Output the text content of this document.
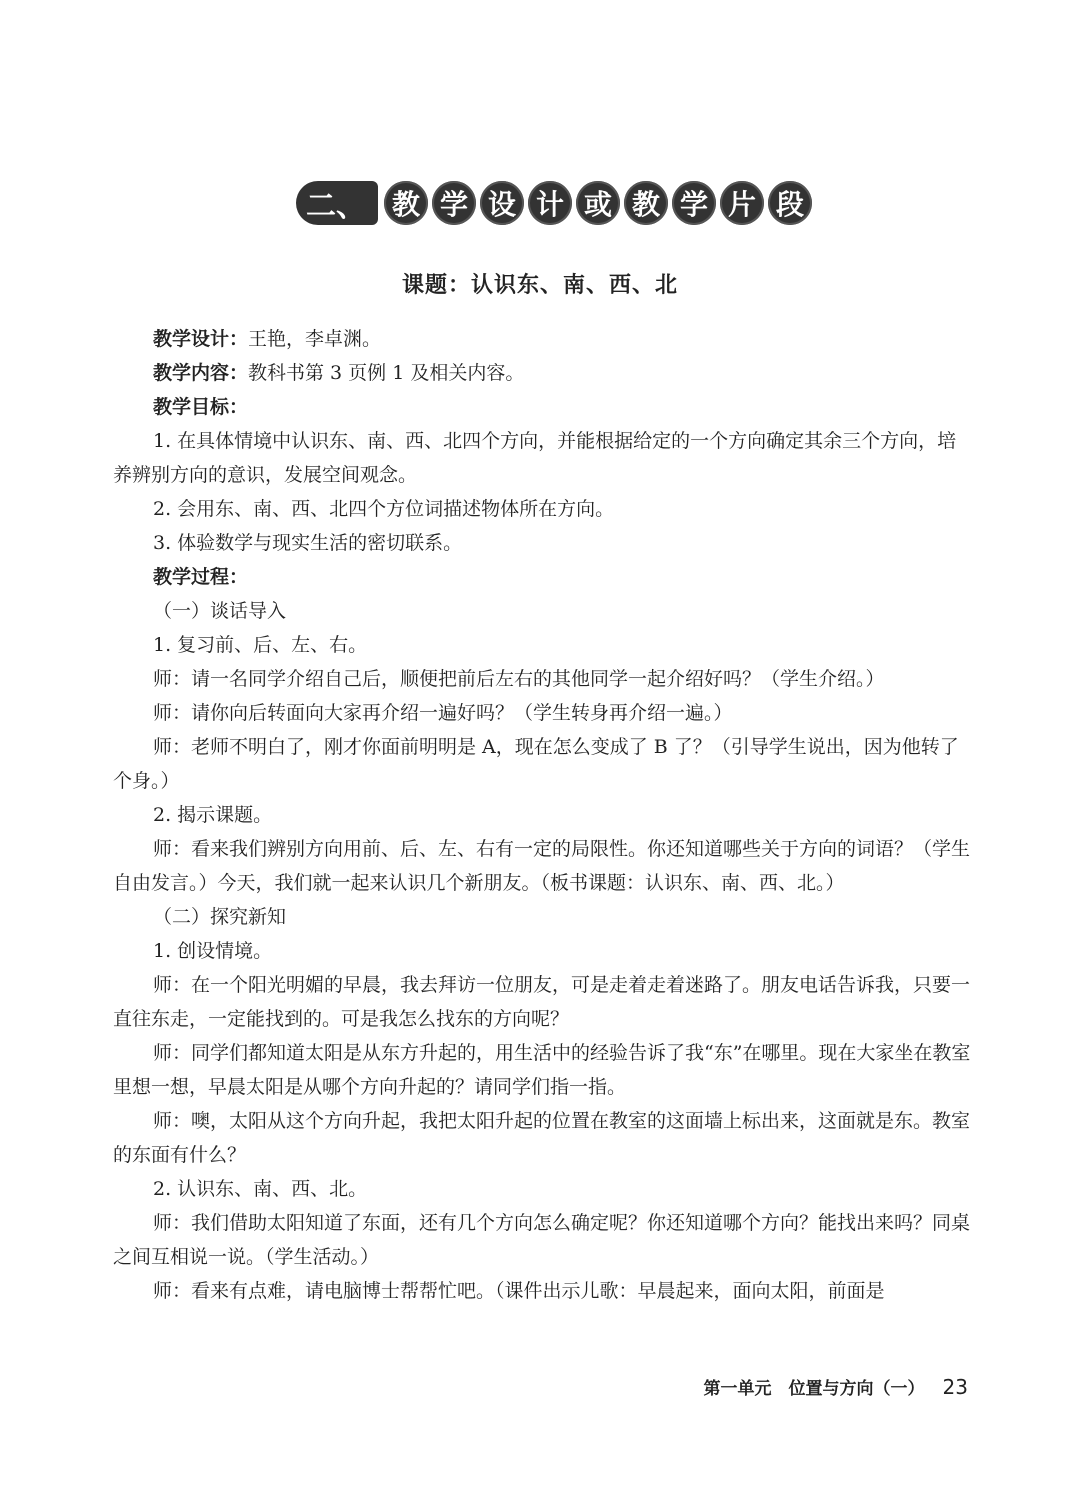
二、 教 学 设 计 或 教 学 片 段
课题：认识东、南、西、北

教学设计：王艳，李卓渊。

教学内容：教科书第 3 页例 1 及相关内容。

教学目标：

1. 在具体情境中认识东、南、西、北四个方向，并能根据给定的一个方向确定其余三个方向，培养辨别方向的意识，发展空间观念。

2. 会用东、南、西、北四个方位词描述物体所在方向。

3. 体验数学与现实生活的密切联系。

教学过程：

（一）谈话导入

1. 复习前、后、左、右。

师：请一名同学介绍自己后，顺便把前后左右的其他同学一起介绍好吗？（学生介绍。）

师：请你向后转面向大家再介绍一遍好吗？（学生转身再介绍一遍。）

师：老师不明白了，刚才你面前明明是 A，现在怎么变成了 B 了？（引导学生说出，因为他转了个身。）

2. 揭示课题。

师：看来我们辨别方向用前、后、左、右有一定的局限性。你还知道哪些关于方向的词语？（学生自由发言。）今天，我们就一起来认识几个新朋友。（板书课题：认识东、南、西、北。）

（二）探究新知

1. 创设情境。

师：在一个阳光明媚的早晨，我去拜访一位朋友，可是走着走着迷路了。朋友电话告诉我，只要一直往东走，一定能找到的。可是我怎么找东的方向呢？

师：同学们都知道太阳是从东方升起的，用生活中的经验告诉了我“东”在哪里。现在大家坐在教室里想一想，早晨太阳是从哪个方向升起的？请同学们指一指。

师：噢，太阳从这个方向升起，我把太阳升起的位置在教室的这面墙上标出来，这面就是东。教室的东面有什么？

2. 认识东、南、西、北。

师：我们借助太阳知道了东面，还有几个方向怎么确定呢？你还知道哪个方向？能找出来吗？同桌之间互相说一说。（学生活动。）

师：看来有点难，请电脑博士帮帮忙吧。（课件出示儿歌：早晨起来，面向太阳，前面是

第一单元　位置与方向（一） 23
